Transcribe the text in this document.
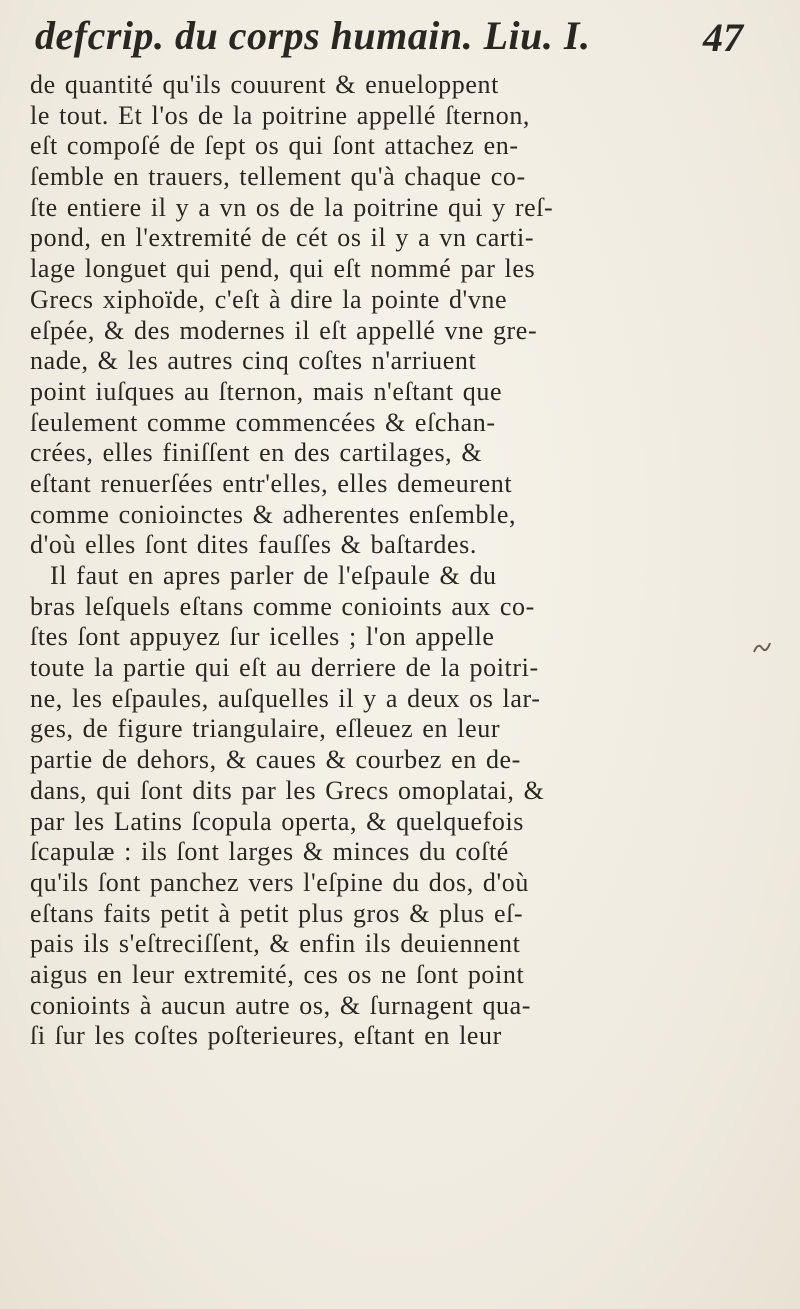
defcrip. du corps humain. Liu. I.	47
de quantité qu'ils couurent & enueloppent
le tout. Et l'os de la poitrine appellé ſternon,
eſt compoſé de ſept os qui ſont attachez en-
ſemble en trauers, tellement qu'à chaque co-
ſte entiere il y a vn os de la poitrine qui y reſ-
pond, en l'extremité de cét os il y a vn carti-
lage longuet qui pend, qui eſt nommé par les
Grecs xiphoïde, c'eſt à dire la pointe d'vne
eſpée, & des modernes il eſt appellé vne gre-
nade, & les autres cinq coſtes n'arriuent
point iuſques au ſternon, mais n'eſtant que
ſeulement comme commencées & eſchan-
crées, elles finiſſent en des cartilages, &
eſtant renuerſées entr'elles, elles demeurent
comme conioinctes & adherentes enſemble,
d'où elles ſont dites fauſſes & baſtardes.
Il faut en apres parler de l'eſpaule & du
bras leſquels eſtans comme conioints aux co-
ſtes ſont appuyez ſur icelles ; l'on appelle
toute la partie qui eſt au derriere de la poitri-
ne, les eſpaules, auſquelles il y a deux os lar-
ges, de figure triangulaire, eſleuez en leur
partie de dehors, & caues & courbez en de-
dans, qui ſont dits par les Grecs omoplatai, &
par les Latins ſcopula operta, & quelquefois
ſcapulæ : ils ſont larges & minces du coſté
qu'ils ſont panchez vers l'eſpine du dos, d'où
eſtans faits petit à petit plus gros & plus eſ-
pais ils s'eſtreciſſent, & enfin ils deuiennent
aigus en leur extremité, ces os ne ſont point
conioints à aucun autre os, & ſurnagent qua-
ſi ſur les coſtes poſterieures, eſtant en leur
